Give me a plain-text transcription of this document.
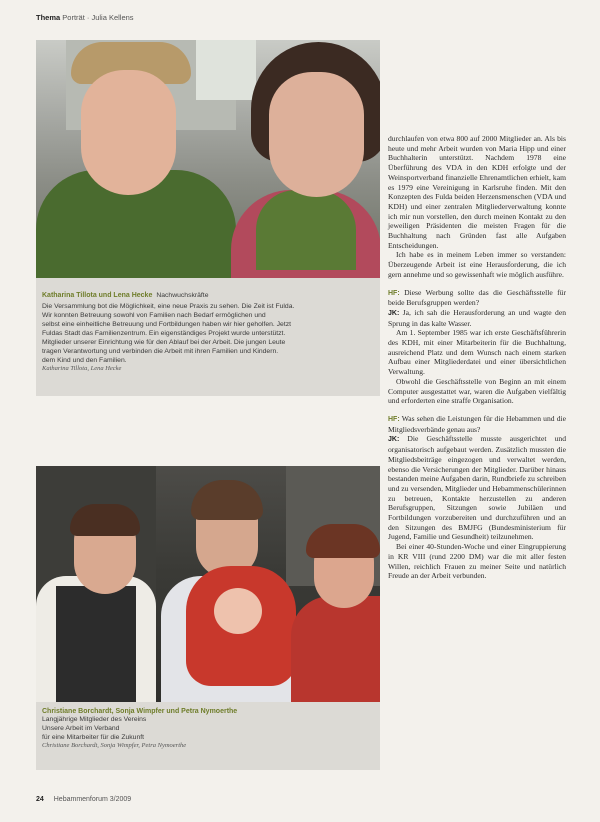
Thema Porträt · Julia Kellens
Katharina Tillota und Lena Hecke Nachwuchskräfte
Die Versammlung bot die Möglichkeit, eine neue Praxis zu sehen. Die Zeit ist Fulda.
Wir konnten Betreuung sowohl von Familien nach Bedarf ermöglichen und
selbst eine einheitliche Betreuung und Fortbildungen haben wir hier geholfen. Jetzt
Fuldas Stadt das Familienzentrum. Ein eigenständiges Projekt wurde unterstützt.
Mitglieder unserer Einrichtung wie für den Ablauf bei der Arbeit. Die jungen Leute
tragen Verantwortung und verbinden die Arbeit mit ihren Familien und Kindern.
dem Kind und den Familien.
Katharina Tillota, Lena Hecke
Christiane Borchardt, Sonja Wimpfer und Petra Nymoerthe
Langjährige Mitglieder des Vereins
Unsere Arbeit im Verband
für eine Mitarbeiter für die Zukunft
Christiane Borchardt, Sonja Wimpfer, Petra Nymoerthe

durchlaufen von etwa 800 auf 2000 Mitglieder an. Als bis heute und mehr Arbeit wurden von Maria Hipp und einer Buchhalterin unterstützt. Nachdem 1978 eine Überführung des VDA in den KDH erfolgte und der Weinsportverband finanzielle Ehrenamtlichen erhielt, kam es 1979 eine Vereinigung in Karlsruhe finden. Mit den Konzepten des Fulda beiden Herzensmenschen (VDA und KDH) und einer zentralen Mitgliederverwaltung konnte ich mir nun vorstellen, den durch meinen Kontakt zu den jeweiligen Präsidenten die meisten Fragen für die Buchhaltung nach Gründen fast alle Aufgaben Entscheidungen.

Ich habe es in meinem Leben immer so verstanden: Überzeugende Arbeit ist eine Herausforderung, die ich gern annehme und so gewissenhaft wie möglich ausführe.

HF: Diese Werbung sollte das die Geschäftsstelle für beide Berufsgruppen werden?

JK: Ja, ich sah die Herausforderung an und wagte den Sprung in das kalte Wasser.

Am 1. September 1985 war ich erste Geschäftsführerin des KDH, mit einer Mitarbeiterin für die Buchhaltung, ausreichend Platz und dem Wunsch nach einem starken Aufbau einer Mitgliederdatei und einer übersichtlichen Verwaltung.

Obwohl die Geschäftsstelle von Beginn an mit einem Computer ausgestattet war, waren die Aufgaben vielfältig und erforderten eine straffe Organisation.

HF: Was sehen die Leistungen für die Hebammen und die Mitgliedsverbände genau aus?

JK: Die Geschäftsstelle musste ausgerichtet und organisatorisch aufgebaut werden. Zusätzlich mussten die Mitgliedsbeiträge eingezogen und verwaltet werden, ebenso die Versicherungen der Mitglieder. Darüber hinaus bestanden meine Aufgaben darin, Rundbriefe zu schreiben und zu versenden, Mitglieder und Hebammenschülerinnen zu betreuen, Kontakte herzustellen zu anderen Berufsgruppen, Sitzungen sowie Jubiläen und Fortbildungen vorzubereiten und durchzuführen und an den Sitzungen des BMJFG (Bundesministerium für Jugend, Familie und Gesundheit) teilzunehmen.

Bei einer 40-Stunden-Woche und einer Eingruppierung in KR VIII (rund 2200 DM) war die mit aller festen Willen, reichlich Frauen zu meiner Seite und natürlich Freude an der Arbeit verbunden.

24 Hebammenforum 3/2009
